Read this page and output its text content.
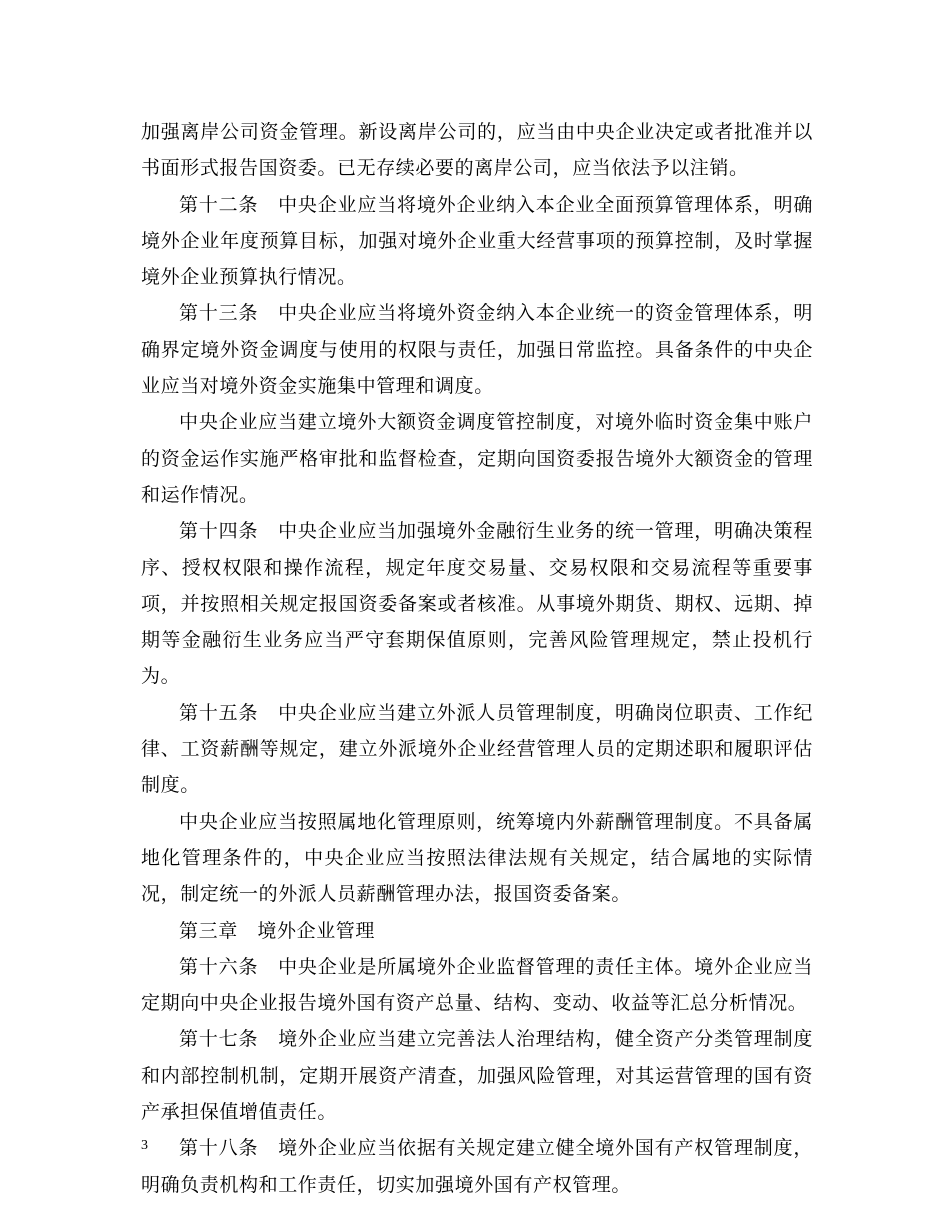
加强离岸公司资金管理。新设离岸公司的，应当由中央企业决定或者批准并以书面形式报告国资委。已无存续必要的离岸公司，应当依法予以注销。

第十二条　中央企业应当将境外企业纳入本企业全面预算管理体系，明确境外企业年度预算目标，加强对境外企业重大经营事项的预算控制，及时掌握境外企业预算执行情况。

第十三条　中央企业应当将境外资金纳入本企业统一的资金管理体系，明确界定境外资金调度与使用的权限与责任，加强日常监控。具备条件的中央企业应当对境外资金实施集中管理和调度。

中央企业应当建立境外大额资金调度管控制度，对境外临时资金集中账户的资金运作实施严格审批和监督检查，定期向国资委报告境外大额资金的管理和运作情况。

第十四条　中央企业应当加强境外金融衍生业务的统一管理，明确决策程序、授权权限和操作流程，规定年度交易量、交易权限和交易流程等重要事项，并按照相关规定报国资委备案或者核准。从事境外期货、期权、远期、掉期等金融衍生业务应当严守套期保值原则，完善风险管理规定，禁止投机行为。

第十五条　中央企业应当建立外派人员管理制度，明确岗位职责、工作纪律、工资薪酬等规定，建立外派境外企业经营管理人员的定期述职和履职评估制度。

中央企业应当按照属地化管理原则，统筹境内外薪酬管理制度。不具备属地化管理条件的，中央企业应当按照法律法规有关规定，结合属地的实际情况，制定统一的外派人员薪酬管理办法，报国资委备案。

第三章　境外企业管理

第十六条　中央企业是所属境外企业监督管理的责任主体。境外企业应当定期向中央企业报告境外国有资产总量、结构、变动、收益等汇总分析情况。

第十七条　境外企业应当建立完善法人治理结构，健全资产分类管理制度和内部控制机制，定期开展资产清查，加强风险管理，对其运营管理的国有资产承担保值增值责任。

第十八条　境外企业应当依据有关规定建立健全境外国有产权管理制度，明确负责机构和工作责任，切实加强境外国有产权管理。

3
